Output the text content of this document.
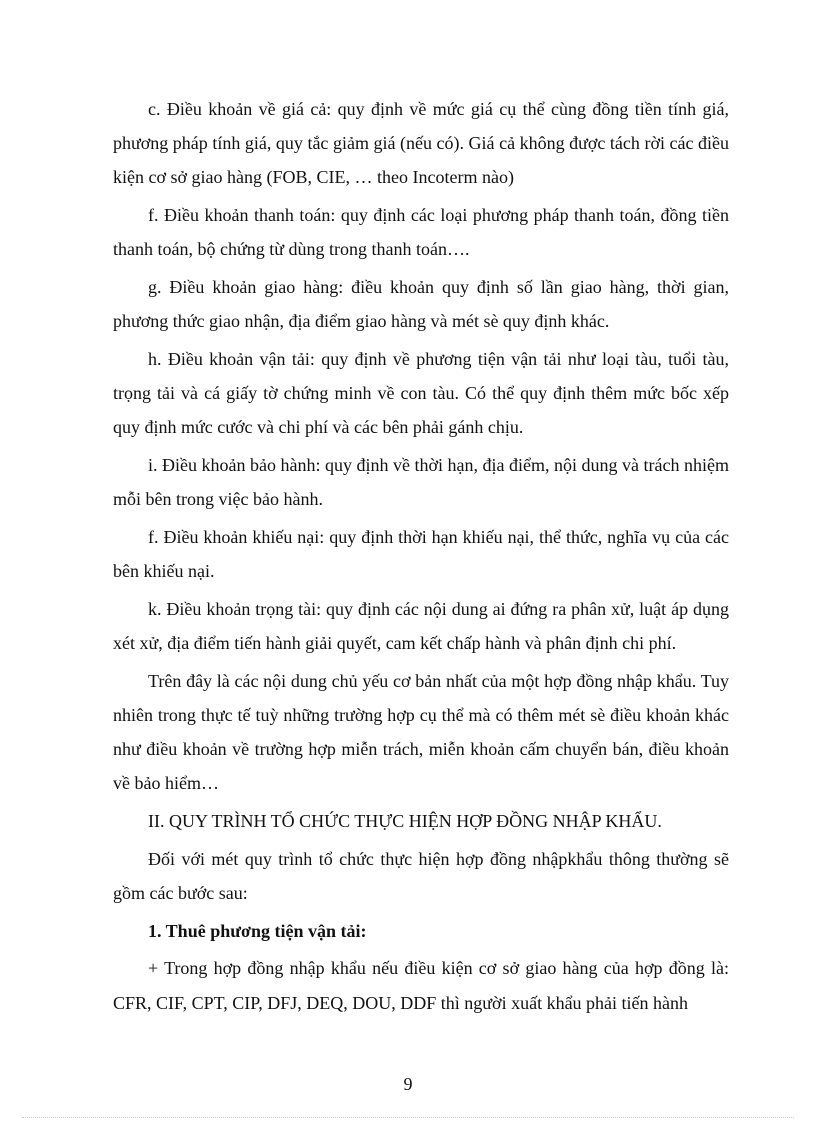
c. Điều khoản về giá cả: quy định về mức giá cụ thể cùng đồng tiền tính giá, phương pháp tính giá, quy tắc giảm giá (nếu có). Giá cả không được tách rời các điều kiện cơ sở giao hàng (FOB, CIE, … theo Incoterm nào)

f. Điều khoản thanh toán: quy định các loại phương pháp thanh toán, đồng tiền thanh toán, bộ chứng từ dùng trong thanh toán….

g. Điều khoản giao hàng: điều khoản quy định số lần giao hàng, thời gian, phương thức giao nhận, địa điểm giao hàng và mét sè quy định khác.

h. Điều khoản vận tải: quy định về phương tiện vận tải như loại tàu, tuổi tàu, trọng tải và cá giấy tờ chứng minh về con tàu. Có thể quy định thêm mức bốc xếp quy định mức cước và chi phí và các bên phải gánh chịu.

i. Điều khoản bảo hành: quy định về thời hạn, địa điểm, nội dung và trách nhiệm mỗi bên trong việc bảo hành.

f. Điều khoản khiếu nại: quy định thời hạn khiếu nại, thể thức, nghĩa vụ của các bên khiếu nại.

k. Điều khoản trọng tài: quy định các nội dung ai đứng ra phân xử, luật áp dụng xét xử, địa điểm tiến hành giải quyết, cam kết chấp hành và phân định chi phí.

Trên đây là các nội dung chủ yếu cơ bản nhất của một hợp đồng nhập khẩu. Tuy nhiên trong thực tế tuỳ những trường hợp cụ thể mà có thêm mét sè điều khoản khác như điều khoản về trường hợp miễn trách, miễn khoản cấm chuyển bán, điều khoản về bảo hiểm…

II. QUY TRÌNH TỔ CHỨC THỰC HIỆN HỢP ĐỒNG NHẬP KHẨU.

Đối với mét quy trình tổ chức thực hiện hợp đồng nhậpkhẩu thông thường sẽ gồm các bước sau:

1. Thuê phương tiện vận tải:

+ Trong hợp đồng nhập khẩu nếu điều kiện cơ sở giao hàng của hợp đồng là: CFR, CIF, CPT, CIP, DFJ, DEQ, DOU, DDF thì người xuất khẩu phải tiến hành

9
